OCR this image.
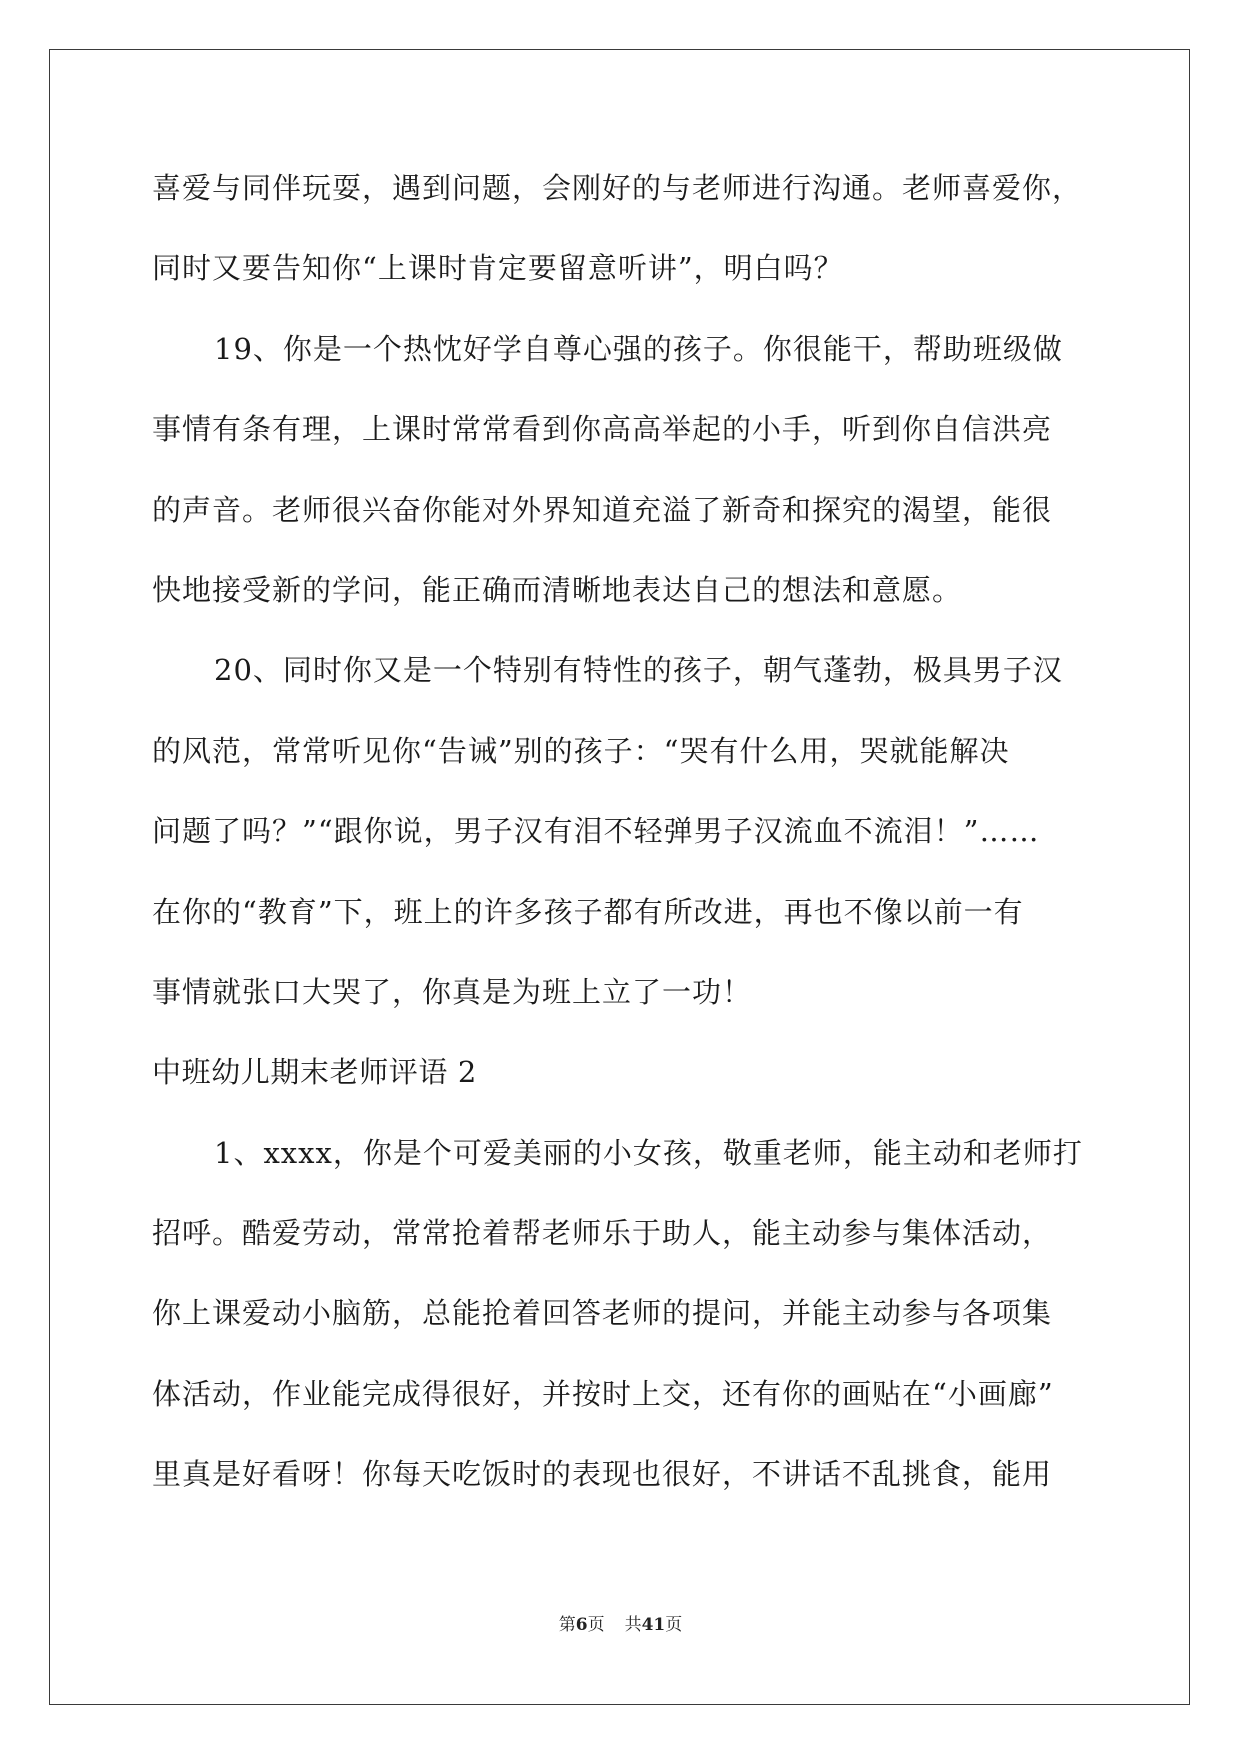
喜爱与同伴玩耍，遇到问题，会刚好的与老师进行沟通。老师喜爱你，

同时又要告知你“上课时肯定要留意听讲”，明白吗？

19、你是一个热忱好学自尊心强的孩子。你很能干，帮助班级做

事情有条有理，上课时常常看到你高高举起的小手，听到你自信洪亮

的声音。老师很兴奋你能对外界知道充溢了新奇和探究的渴望，能很

快地接受新的学问，能正确而清晰地表达自己的想法和意愿。

20、同时你又是一个特别有特性的孩子，朝气蓬勃，极具男子汉

的风范，常常听见你“告诫”别的孩子：“哭有什么用，哭就能解决

问题了吗？”“跟你说，男子汉有泪不轻弹男子汉流血不流泪！”……

在你的“教育”下，班上的许多孩子都有所改进，再也不像以前一有

事情就张口大哭了，你真是为班上立了一功！

中班幼儿期末老师评语 2

1、xxxx，你是个可爱美丽的小女孩，敬重老师，能主动和老师打

招呼。酷爱劳动，常常抢着帮老师乐于助人，能主动参与集体活动，

你上课爱动小脑筋，总能抢着回答老师的提问，并能主动参与各项集

体活动，作业能完成得很好，并按时上交，还有你的画贴在“小画廊”

里真是好看呀！你每天吃饭时的表现也很好，不讲话不乱挑食，能用

第6页 共41页
